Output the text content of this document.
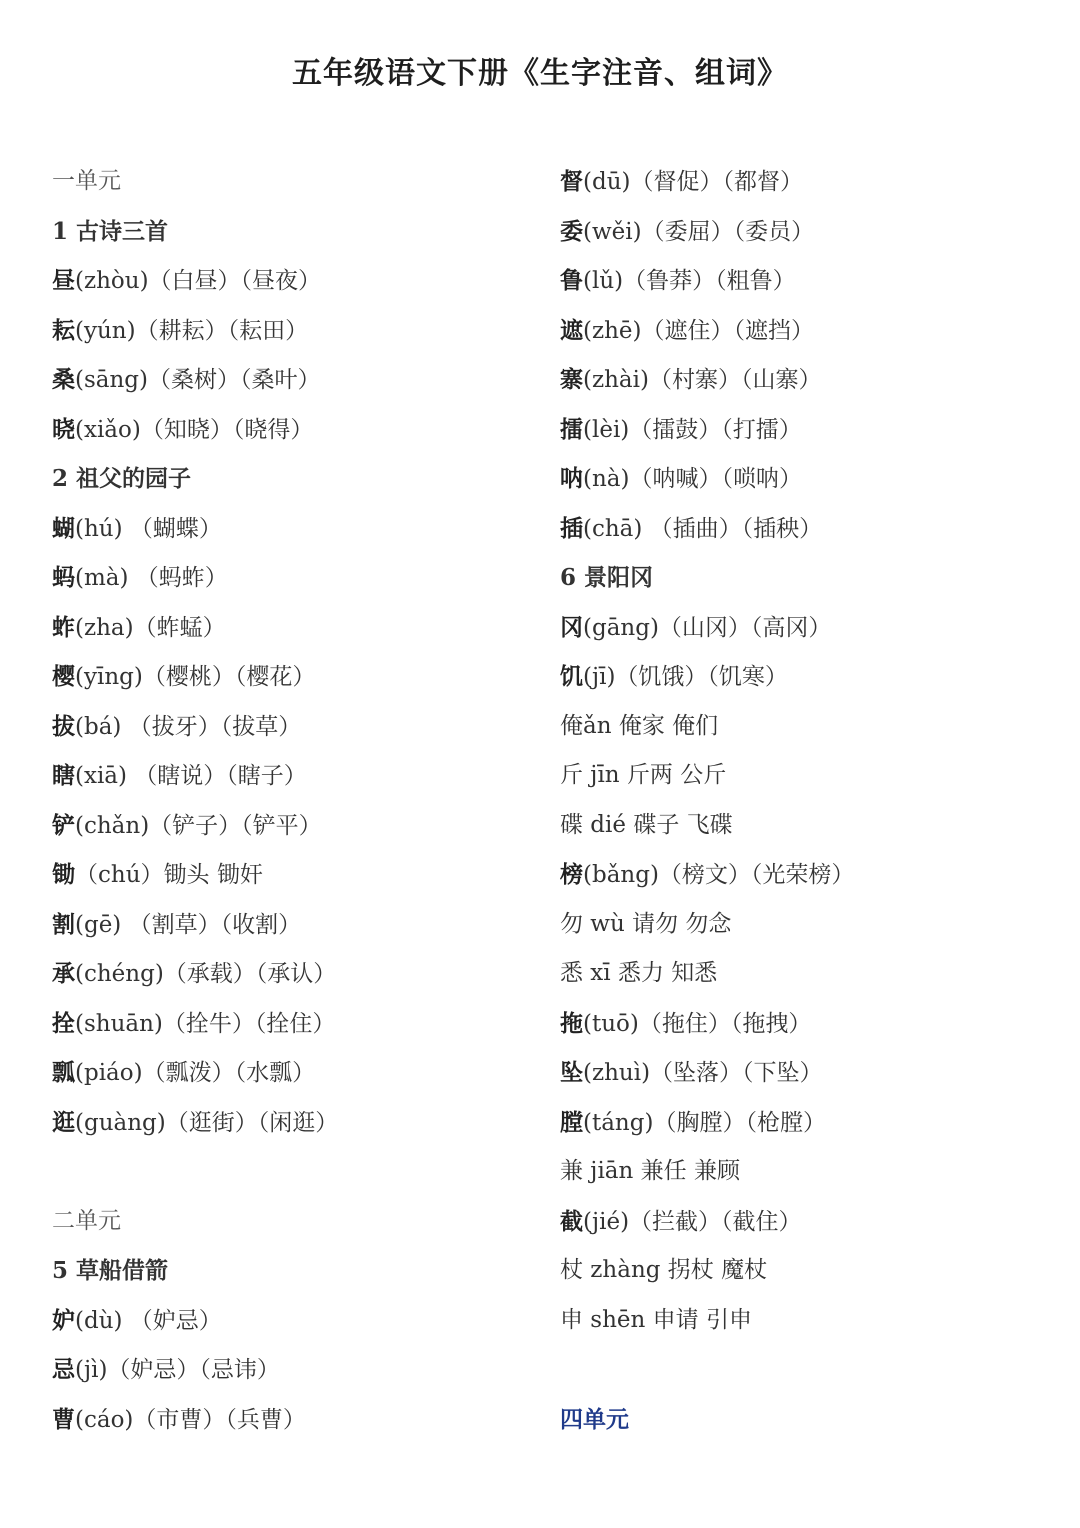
五年级语文下册《生字注音、组词》
一单元
1 古诗三首
昼(zhòu)（白昼）（昼夜）
耘(yún)（耕耘）（耘田）
桑(sāng)（桑树）（桑叶）
晓(xiǎo)（知晓）（晓得）
2 祖父的园子
蝴(hú) （蝴蝶）
蚂(mà) （蚂蚱）
蚱(zha)（蚱蜢）
樱(yīng)（樱桃）（樱花）
拔(bá) （拔牙）（拔草）
瞎(xiā) （瞎说）（瞎子）
铲(chǎn)（铲子）（铲平）
锄（chú）锄头 锄奸
割(gē) （割草）（收割）
承(chéng)（承载）（承认）
拴(shuān)（拴牛）（拴住）
瓢(piáo)（瓢泼）（水瓢）
逛(guàng)（逛街）（闲逛）
二单元
5 草船借箭
妒(dù) （妒忌）
忌(jì)（妒忌）（忌讳）
曹(cáo)（市曹）（兵曹）
督(dū)（督促）（都督）
委(wěi)（委屈）（委员）
鲁(lǔ)（鲁莽）（粗鲁）
遮(zhē)（遮住）（遮挡）
寨(zhài)（村寨）（山寨）
擂(lèi)（擂鼓）（打擂）
呐(nà)（呐喊）（唢呐）
插(chā) （插曲）（插秧）
6 景阳冈
冈(gāng)（山冈）（高冈）
饥(jī)（饥饿）（饥寒）
俺ǎn 俺家 俺们
斤 jīn 斤两 公斤
碟 dié 碟子 飞碟
榜(bǎng)（榜文）（光荣榜）
勿 wù 请勿 勿念
悉 xī 悉力 知悉
拖(tuō)（拖住）（拖拽）
坠(zhuì)（坠落）（下坠）
膛(táng)（胸膛）（枪膛）
兼 jiān 兼任 兼顾
截(jié)（拦截）（截住）
杖 zhàng 拐杖 魔杖
申 shēn 申请 引申
四单元
